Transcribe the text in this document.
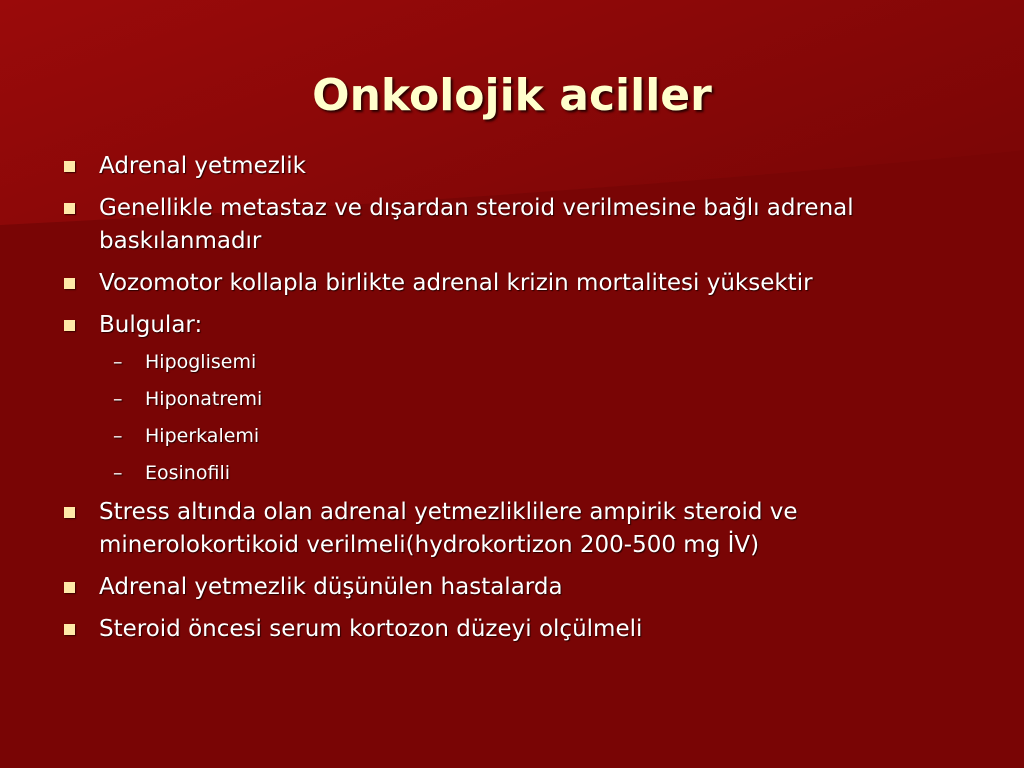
Onkolojik aciller
Adrenal yetmezlik
Genellikle metastaz ve dışardan steroid verilmesine bağlı adrenal baskılanmadır
Vozomotor kollapla birlikte adrenal krizin mortalitesi yüksektir
Bulgular:
– Hipoglisemi
– Hiponatremi
– Hiperkalemi
– Eosinofili
Stress altında olan adrenal yetmezliklilere ampirik steroid ve minerolokortikoid verilmeli(hydrokortizon 200-500 mg İV)
Adrenal yetmezlik düşünülen hastalarda
Steroid öncesi serum kortozon düzeyi olçülmeli
